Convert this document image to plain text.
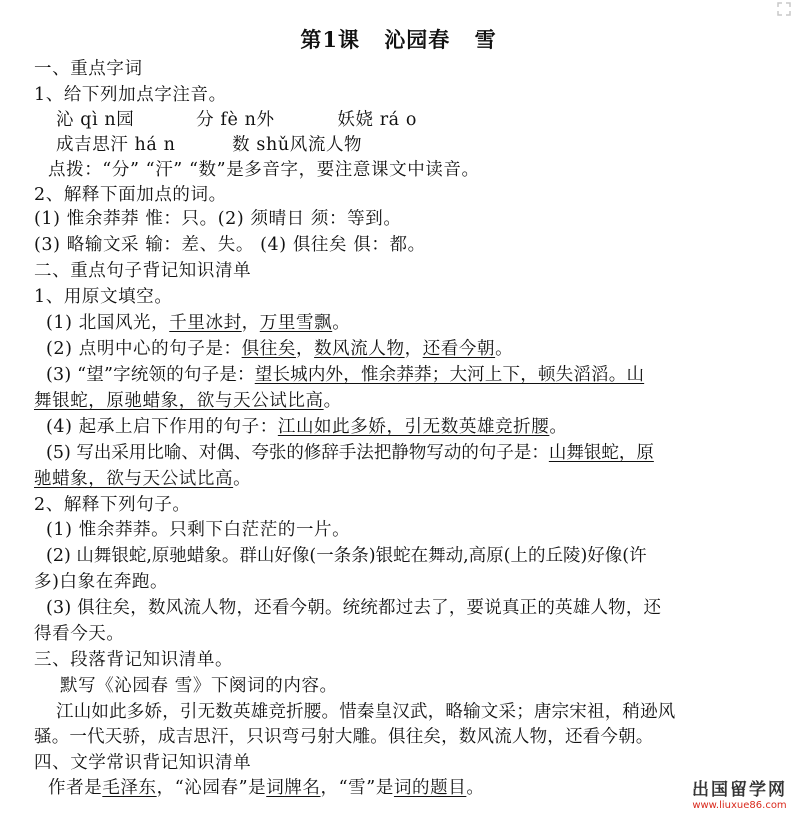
第1课 沁园春 雪
一、重点字词
1、给下列加点字注音。
沁 qì n园	分 fè n外	妖娆 rá o
成吉思汗 há n	数 shǔ风流人物
点拨：“分” “汗” “数”是多音字，要注意课文中读音。
2、解释下面加点的词。
(1) 惟余莽莽 惟：只。(2) 须晴日 须：等到。
(3) 略输文采 输：差、失。 (4) 俱往矣 俱：都。
二、重点句子背记知识清单
1、用原文填空。
(1) 北国风光，千里冰封，万里雪飘。
(2) 点明中心的句子是：俱往矣，数风流人物，还看今朝。
(3) “望”字统领的句子是：望长城内外，惟余莽莽；大河上下，顿失滔滔。山
舞银蛇，原驰蜡象，欲与天公试比高。
(4) 起承上启下作用的句子：江山如此多娇，引无数英雄竞折腰。
(5) 写出采用比喻、对偶、夸张的修辞手法把静物写动的句子是：山舞银蛇，原
驰蜡象，欲与天公试比高。
2、解释下列句子。
(1) 惟余莽莽。只剩下白茫茫的一片。
(2) 山舞银蛇,原驰蜡象。群山好像(一条条)银蛇在舞动,高原(上的丘陵)好像(许
多)白象在奔跑。
(3) 俱往矣，数风流人物，还看今朝。统统都过去了，要说真正的英雄人物，还
得看今天。
三、段落背记知识清单。
默写《沁园春 雪》下阕词的内容。
江山如此多娇，引无数英雄竞折腰。惜秦皇汉武，略输文采；唐宗宋祖，稍逊风
骚。一代天骄，成吉思汗，只识弯弓射大雕。俱往矣，数风流人物，还看今朝。
四、文学常识背记知识清单
作者是毛泽东，“沁园春”是词牌名，“雪”是词的题目。	出国留学网
www.liuxue86.com
